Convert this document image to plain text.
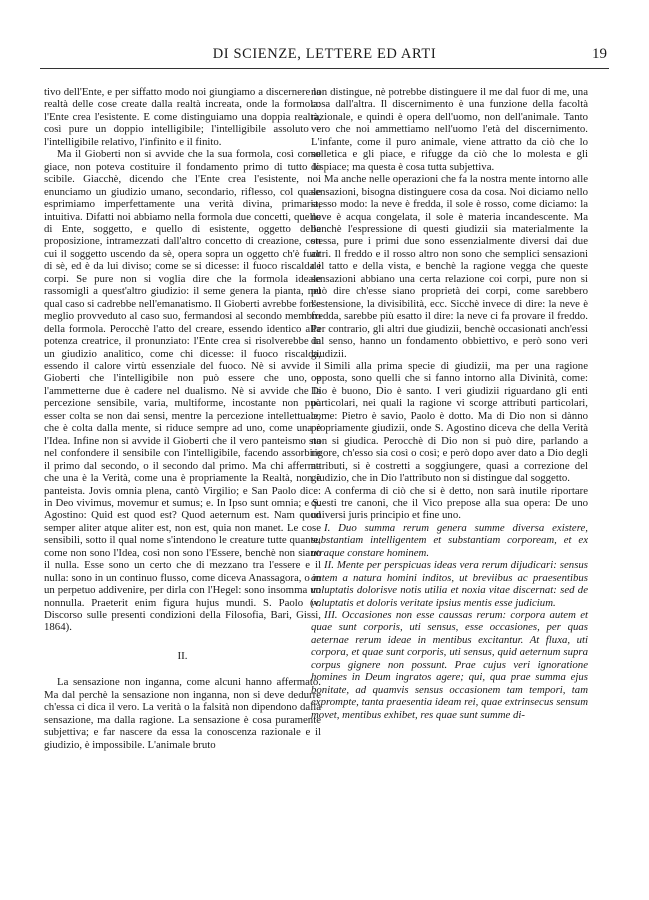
DI SCIENZE, LETTERE ED ARTI	19

tivo dell'Ente, e per siffatto modo noi giungiamo a discernere la realtà delle cose create dalla realtà increata, onde la formola: l'Ente crea l'esistente. E come distinguiamo una doppia realtà, così pure un doppio intelligibile; l'intelligibile assoluto e l'intelligibile relativo, l'infinito e il finito.

Ma il Gioberti non si avvide che la sua formola, così come giace, non poteva costituire il fondamento primo di tutto lo scibile. Giacchè, dicendo che l'Ente crea l'esistente, noi enunciamo un giudizio umano, secondario, riflesso, col quale esprimiamo imperfettamente una verità divina, primaria, intuitiva. Difatti noi abbiamo nella formola due concetti, quello di Ente, soggetto, e quello di esistente, oggetto della proposizione, intramezzati dall'altro concetto di creazione, con cui il soggetto uscendo da sè, opera sopra un oggetto ch'è fuor di sè, ed è da lui diviso; come se si dicesse: il fuoco riscalda i corpi. Se pure non si voglia dire che la formola ideale rassomigli a quest'altro giudizio: il seme genera la pianta, nel qual caso si cadrebbe nell'emanatismo. Il Gioberti avrebbe forse meglio provveduto al caso suo, fermandosi al secondo membro della formola. Perocchè l'atto del creare, essendo identico alla potenza creatrice, il pronunziato: l'Ente crea si risolverebbe in un giudizio analitico, come chi dicesse: il fuoco riscalda, essendo il calore virtù essenziale del fuoco. Nè si avvide il Gioberti che l'intelligibile non può essere che uno, e l'ammetterne due è cadere nel dualismo. Nè si avvide che la percezione sensibile, varia, multiforme, incostante non può esser colta se non dai sensi, mentre la percezione intellettuale, che è colta dalla mente, si riduce sempre ad uno, come una è l'Idea. Infine non si avvide il Gioberti che il vero panteismo sta nel confondere il sensibile con l'intelligibile, facendo assorbire il primo dal secondo, o il secondo dal primo. Ma chi afferma che una è la Verità, come una è propriamente la Realtà, non è panteista. Jovis omnia plena, cantò Virgilio; e San Paolo dice: in Deo vivimus, movemur et sumus; e. In Ipso sunt omnia; e S. Agostino: Quid est quod est? Quod aeternum est. Nam quod semper aliter atque aliter est, non est, quia non manet. Le cose sensibili, sotto il qual nome s'intendono le creature tutte quante, come non sono l'Idea, così non sono l'Essere, benchè non siano il nulla. Esse sono un certo che di mezzano tra l'essere e il nulla: sono in un continuo flusso, come diceva Anassagora, o in un perpetuo addivenire, per dirla con l'Hegel: sono insomma un nonnulla. Praeterit enim figura hujus mundi. S. Paolo (v. Discorso sulle presenti condizioni della Filosofia, Bari, Gissi, 1864).

II.

La sensazione non inganna, come alcuni hanno affermato. Ma dal perchè la sensazione non inganna, non si deve dedurre ch'essa ci dica il vero. La verità o la falsità non dipendono dalla sensazione, ma dalla ragione. La sensazione è cosa puramente subjettiva; e far nascere da essa la conoscenza razionale e il giudizio, è impossibile. L'animale bruto

non distingue, nè potrebbe distinguere il me dal fuor di me, una cosa dall'altra. Il discernimento è una funzione della facoltà razionale, e quindi è opera dell'uomo, non dell'animale. Tanto vero che noi ammettiamo nell'uomo l'età del discernimento. L'infante, come il puro animale, viene attratto da ciò che lo solletica e gli piace, e rifugge da ciò che lo molesta e gli dispiace; ma questa è cosa tutta subjettiva.

Ma anche nelle operazioni che fa la nostra mente intorno alle sensazioni, bisogna distinguere cosa da cosa. Noi diciamo nello stesso modo: la neve è fredda, il sole è rosso, come diciamo: la neve è acqua congelata, il sole è materia incandescente. Ma benchè l'espressione di questi giudizii sia materialmente la stessa, pure i primi due sono essenzialmente diversi dai due altri. Il freddo e il rosso altro non sono che semplici sensazioni del tatto e della vista, e benchè la ragione vegga che queste sensazioni abbiano una certa relazione coi corpi, pure non si può dire ch'esse siano proprietà dei corpi, come sarebbero l'estensione, la divisibilità, ecc. Sicchè invece di dire: la neve è fredda, sarebbe più esatto il dire: la neve ci fa provare il freddo. Per contrario, gli altri due giudizii, benchè occasionati anch'essi dal senso, hanno un fondamento obbiettivo, e però sono veri giudizii.

Simili alla prima specie di giudizii, ma per una ragione opposta, sono quelli che si fanno intorno alla Divinità, come: Dio è buono, Dio è santo. I veri giudizii riguardano gli enti particolari, nei quali la ragione vi scorge attributi particolari, come: Pietro è savio, Paolo è dotto. Ma di Dio non si dànno propriamente giudizii, onde S. Agostino diceva che della Verità non si giudica. Perocchè di Dio non si può dire, parlando a rigore, ch'esso sia così o così; e però dopo aver dato a Dio degli attributi, si è costretti a soggiungere, quasi a correzione del giudizio, che in Dio l'attributo non si distingue dal soggetto.

A conferma di ciò che si è detto, non sarà inutile riportare questi tre canoni, che il Vico prepose alla sua opera: De uno universi juris principio et fine uno.

I. Duo summa rerum genera summe diversa existere, substantiam intelligentem et substantiam corpoream, et ex utraque constare hominem.

II. Mente per perspicuas ideas vera rerum dijudicari: sensus autem a natura homini inditos, ut breviibus ac praesentibus voluptatis dolorisve notis utilia et noxia vitae discernat: sed de voluptatis et doloris veritate ipsius mentis esse judicium.

III. Occasiones non esse caussas rerum: corpora autem et quae sunt corporis, uti sensus, esse occasiones, per quas aeternae rerum ideae in mentibus excitantur. At fluxa, uti corpora, et quae sunt corporis, uti sensus, quid aeternum supra corpus gignere non possunt. Prae cujus veri ignoratione homines in Deum ingratos agere; qui, qua prae summa ejus bonitate, ad quamvis sensus occasionem tam tempori, tam exprompte, tanta praesentia ideam rei, quae extrinsecus sensum movet, mentibus exhibet, res quae sunt summe di-
